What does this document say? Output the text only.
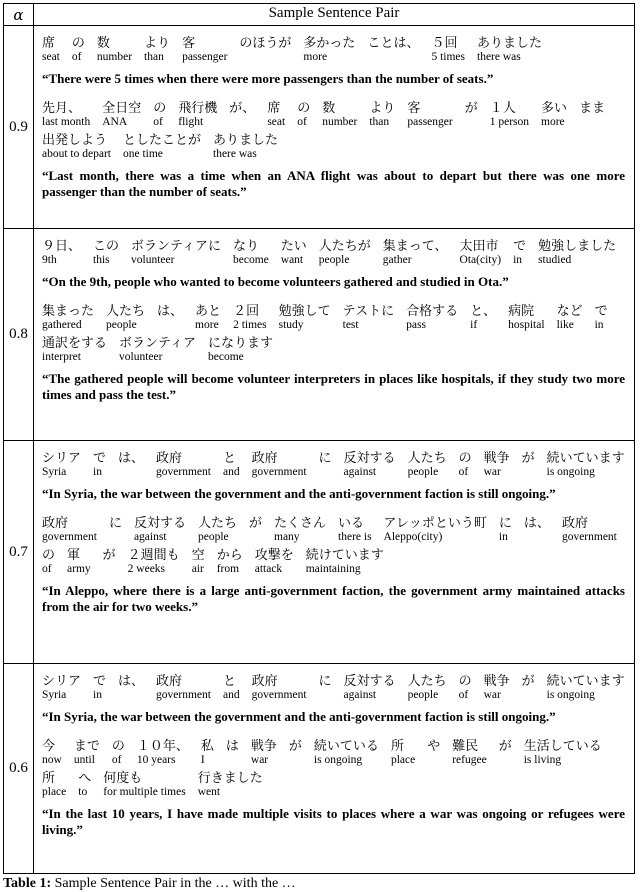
α	Sample Sentence Pair
0.9
席
seat
の
of
数
number
より
than
客
passenger
のほうが
多かった
more
ことは、
５回
5 times
ありました
there was
“There were 5 times when there were more passengers than the number of seats.”
先月、
last month
全日空
ANA
の
of
飛行機
flight
が、
席
seat
の
of
数
number
より
than
客
passenger
が
１人
1 person
多い
more
まま

出発しよう
about to depart
としたことが
one time
ありました
there was
“Last month, there was a time when an ANA flight was about to depart but there was one more passenger than the number of seats.”
0.8
９日、
9th
この
this
ボランティアに
volunteer
なり
become
たい
want
人たちが
people
集まって、
gather
太田市
Ota(city)
で
in
勉強しました
studied
“On the 9th, people who wanted to become volunteers gathered and studied in Ota.”
集まった
gathered
人たち
people
は、
あと
more
２回
2 times
勉強して
study
テストに
test
合格する
pass
と、
if
病院
hospital
など
like
で
in
通訳をする
interpret
ボランティア
volunteer
になります
become
“The gathered people will become volunteer interpreters in places like hospitals, if they study two more times and pass the test.”
0.7
シリア
Syria
で
in
は、
政府
government
と
and
政府
government
に
反対する
against
人たち
people
の
of
戦争
war
が
続いています
is ongoing
“In Syria, the war between the government and the anti-government faction is still ongoing.”
政府
government
に
反対する
against
人たち
people
が
たくさん
many
いる
there is
アレッポという町
Aleppo(city)
に
in
は、
政府
government
の
of
軍
army
が
２週間も
2 weeks
空
air
から
from
攻撃を
attack
続けています
maintaining
“In Aleppo, where there is a large anti-government faction, the government army maintained attacks from the air for two weeks.”
0.6
シリア
Syria
で
in
は、
政府
government
と
and
政府
government
に
反対する
against
人たち
people
の
of
戦争
war
が
続いています
is ongoing
“In Syria, the war between the government and the anti-government faction is still ongoing.”
今
now
まで
until
の
of
１０年、
10 years
私
I
は
戦争
war
が
続いている
is ongoing
所
place
や
難民
refugee
が
生活している
is living
所
place
へ
to
何度も
for multiple times
行きました
went
“In the last 10 years, I have made multiple visits to places where a war was ongoing or refugees were living.”
Table 1: Sample Sentence Pair in the … with the …
